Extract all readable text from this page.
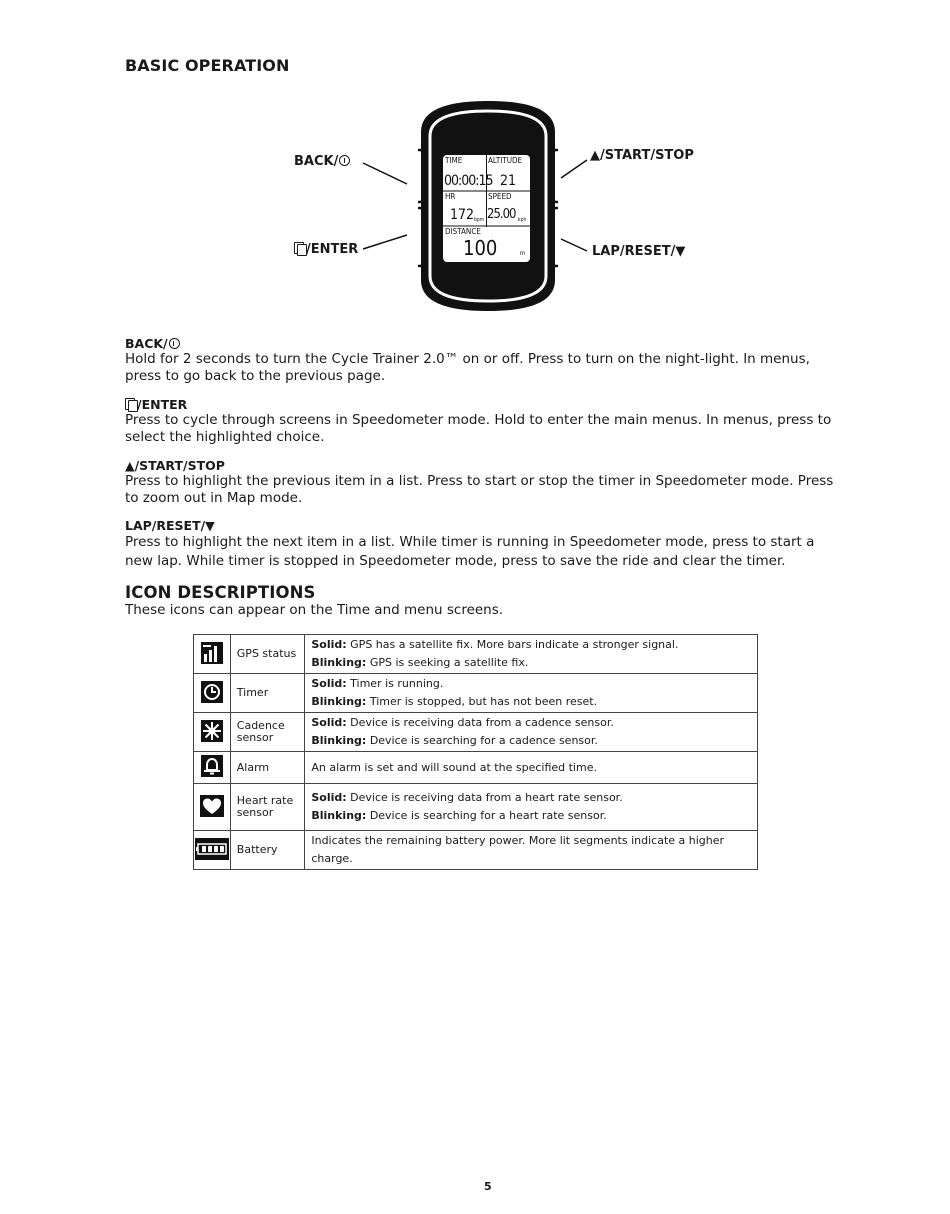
BASIC OPERATION
TIME
00:00:15
ALTITUDE
21
HR
172 bpm
SPEED
25.00 kph
DISTANCE
100	m
BACK/
/ENTER
▲/START/STOP
LAP/RESET/▼
BACK/
Hold for 2 seconds to turn the Cycle Trainer 2.0™ on or off. Press to turn on the night-light. In menus, press to go back to the previous page.
/ENTER
Press to cycle through screens in Speedometer mode. Hold to enter the main menus. In menus, press to select the highlighted choice.
▲/START/STOP
Press to highlight the previous item in a list. Press to start or stop the timer in Speedometer mode. Press to zoom out in Map mode.
LAP/RESET/▼
Press to highlight the next item in a list. While timer is running in Speedometer mode, press to start a new lap. While timer is stopped in Speedometer mode, press to save the ride and clear the timer.
ICON DESCRIPTIONS
These icons can appear on the Time and menu screens.
	GPS status	Solid: GPS has a satellite fix. More bars indicate a stronger signal.
Blinking: GPS is seeking a satellite fix.

	Timer	Solid: Timer is running.
Blinking: Timer is stopped, but has not been reset.

	Cadence sensor	Solid: Device is receiving data from a cadence sensor.
Blinking: Device is searching for a cadence sensor.

	Alarm	An alarm is set and will sound at the specified time.
	Heart rate sensor	Solid: Device is receiving data from a heart rate sensor.
Blinking: Device is searching for a heart rate sensor.

	Battery	Indicates the remaining battery power. More lit segments indicate a higher charge.
5
